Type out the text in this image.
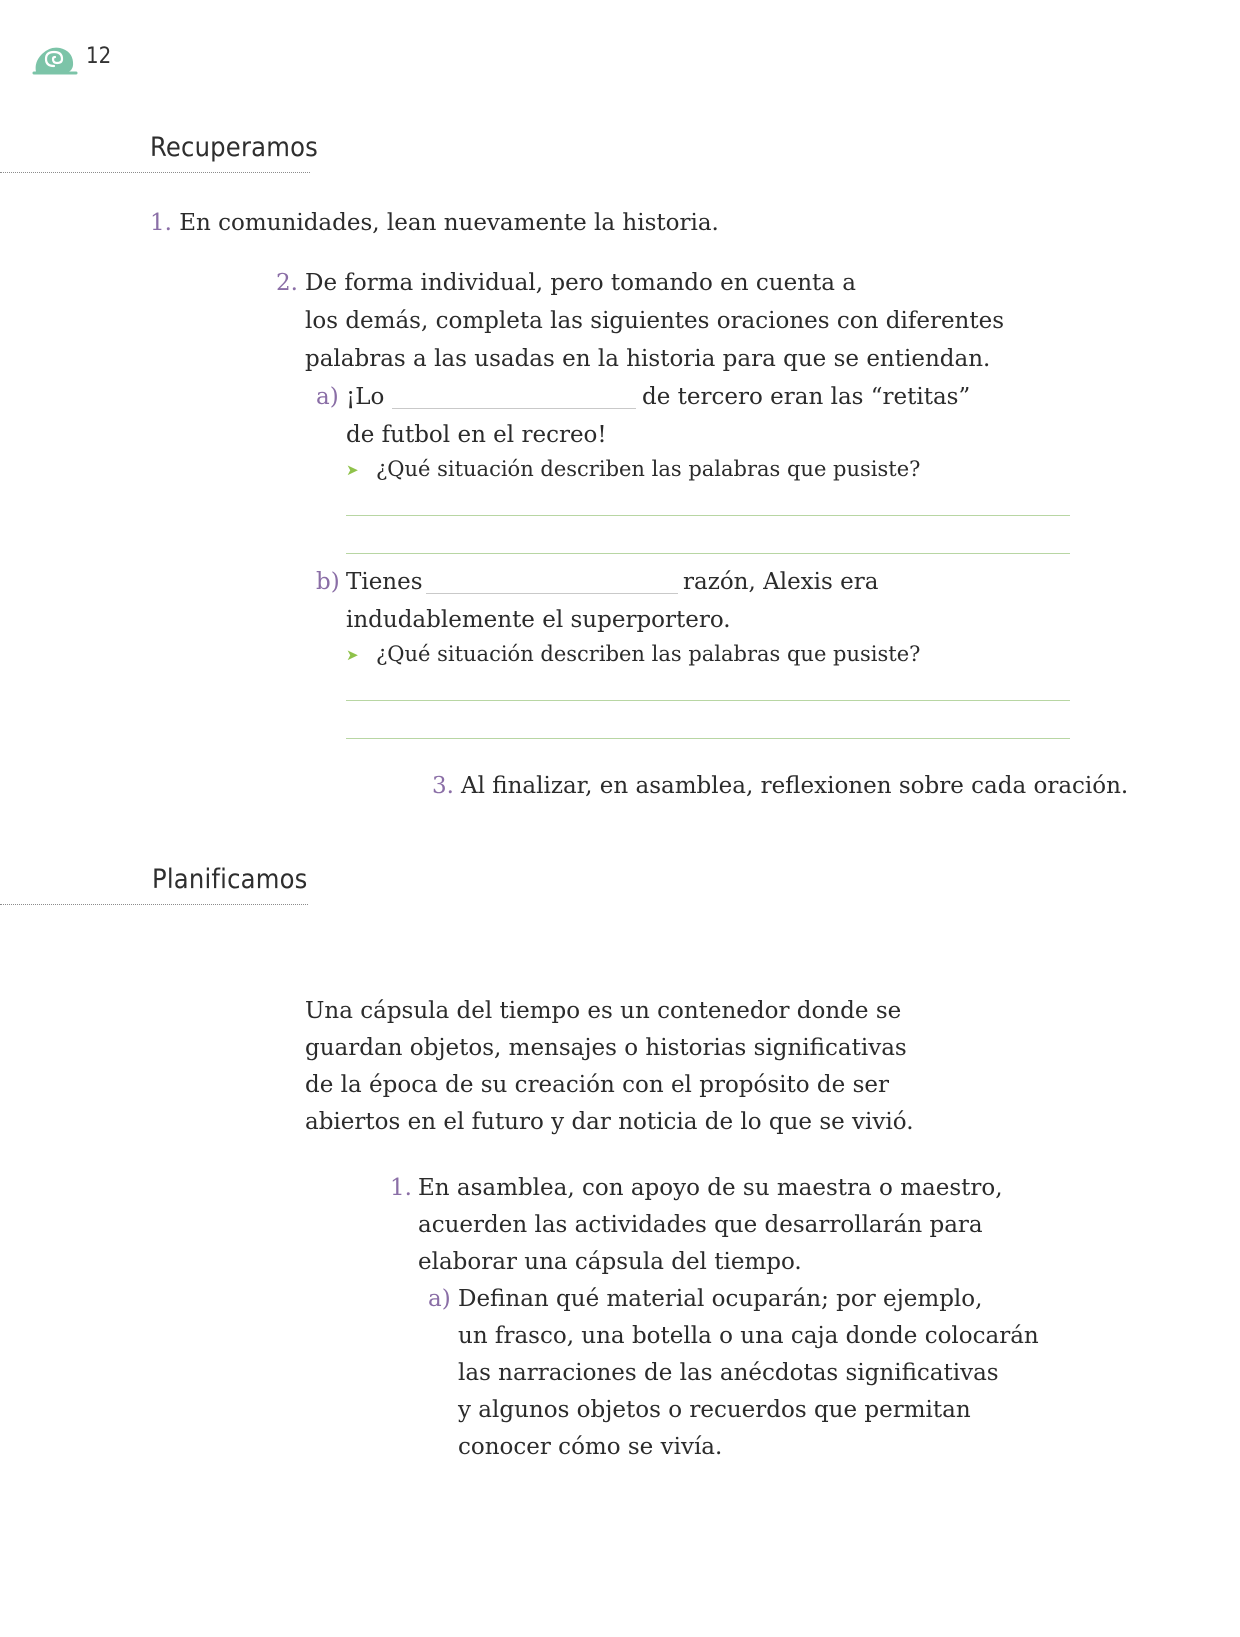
12
Recuperamos
1. En comunidades, lean nuevamente la historia.
2. De forma individual, pero tomando en cuenta a
los demás, completa las siguientes oraciones con diferentes
palabras a las usadas en la historia para que se entiendan.
a) ¡Lo	de tercero eran las “retitas”
de futbol en el recreo!
➤ ¿Qué situación describen las palabras que pusiste?
b) Tienes	razón, Alexis era
indudablemente el superportero.
➤ ¿Qué situación describen las palabras que pusiste?
3. Al finalizar, en asamblea, reflexionen sobre cada oración.
Planificamos
Una cápsula del tiempo es un contenedor donde se
guardan objetos, mensajes o historias significativas
de la época de su creación con el propósito de ser
abiertos en el futuro y dar noticia de lo que se vivió.
1. En asamblea, con apoyo de su maestra o maestro,
acuerden las actividades que desarrollarán para
elaborar una cápsula del tiempo.
a) Definan qué material ocuparán; por ejemplo,
un frasco, una botella o una caja donde colocarán
las narraciones de las anécdotas significativas
y algunos objetos o recuerdos que permitan
conocer cómo se vivía.
